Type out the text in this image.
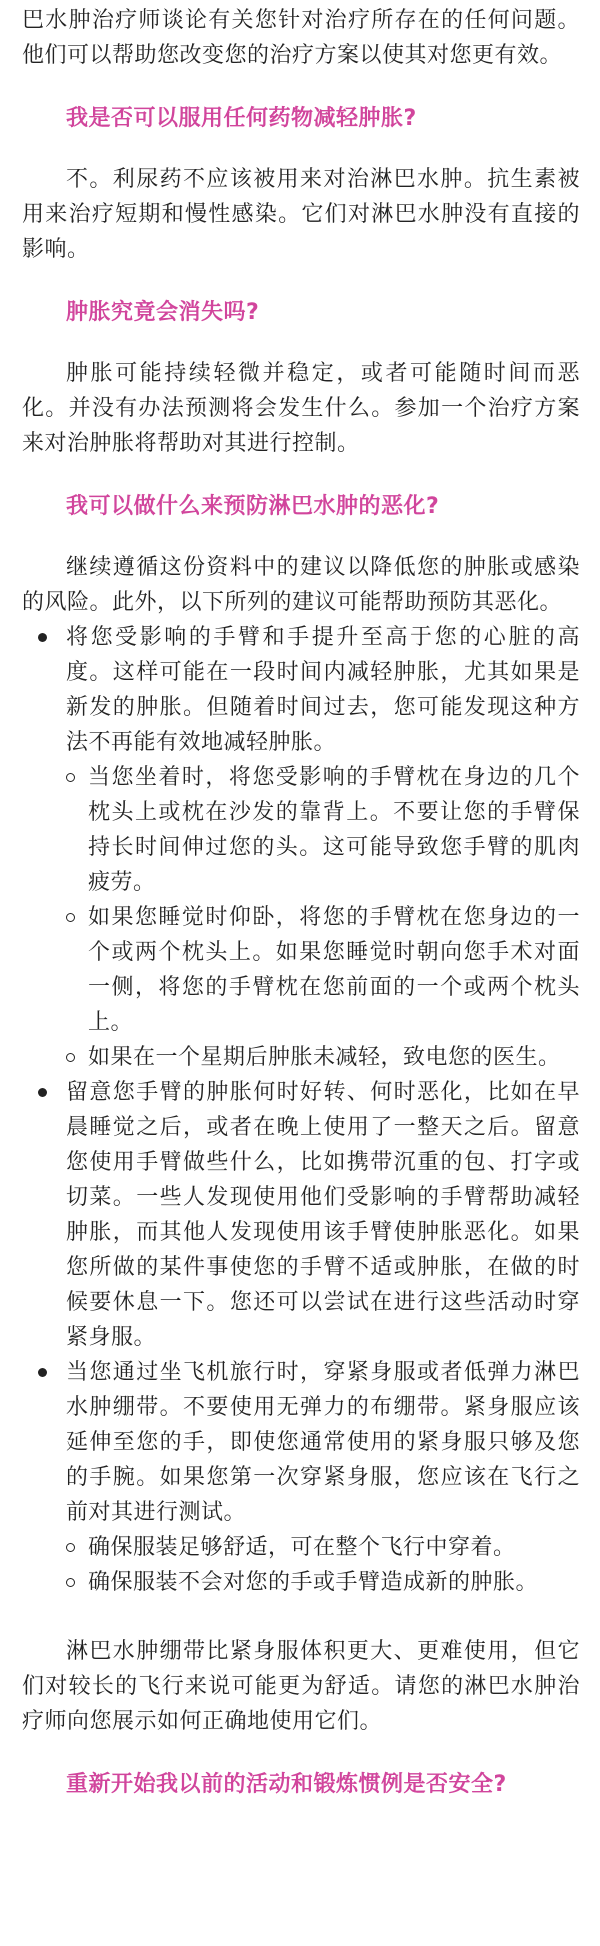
巴水肿治疗师谈论有关您针对治疗所存在的任何问题。他们可以帮助您改变您的治疗方案以使其对您更有效。

我是否可以服用任何药物减轻肿胀?

不。利尿药不应该被用来对治淋巴水肿。抗生素被用来治疗短期和慢性感染。它们对淋巴水肿没有直接的影响。

肿胀究竟会消失吗?

肿胀可能持续轻微并稳定，或者可能随时间而恶化。并没有办法预测将会发生什么。参加一个治疗方案来对治肿胀将帮助对其进行控制。

我可以做什么来预防淋巴水肿的恶化?

继续遵循这份资料中的建议以降低您的肿胀或感染的风险。此外，以下所列的建议可能帮助预防其恶化。

将您受影响的手臂和手提升至高于您的心脏的高度。这样可能在一段时间内减轻肿胀，尤其如果是新发的肿胀。但随着时间过去，您可能发现这种方法不再能有效地减轻肿胀。
当您坐着时，将您受影响的手臂枕在身边的几个枕头上或枕在沙发的靠背上。不要让您的手臂保持长时间伸过您的头。这可能导致您手臂的肌肉疲劳。
如果您睡觉时仰卧，将您的手臂枕在您身边的一个或两个枕头上。如果您睡觉时朝向您手术对面一侧，将您的手臂枕在您前面的一个或两个枕头上。
如果在一个星期后肿胀未减轻，致电您的医生。
留意您手臂的肿胀何时好转、何时恶化，比如在早晨睡觉之后，或者在晚上使用了一整天之后。留意您使用手臂做些什么，比如携带沉重的包、打字或切菜。一些人发现使用他们受影响的手臂帮助减轻肿胀，而其他人发现使用该手臂使肿胀恶化。如果您所做的某件事使您的手臂不适或肿胀，在做的时候要休息一下。您还可以尝试在进行这些活动时穿紧身服。
当您通过坐飞机旅行时，穿紧身服或者低弹力淋巴水肿绷带。不要使用无弹力的布绷带。紧身服应该延伸至您的手，即使您通常使用的紧身服只够及您的手腕。如果您第一次穿紧身服，您应该在飞行之前对其进行测试。
确保服装足够舒适，可在整个飞行中穿着。
确保服装不会对您的手或手臂造成新的肿胀。

淋巴水肿绷带比紧身服体积更大、更难使用，但它们对较长的飞行来说可能更为舒适。请您的淋巴水肿治疗师向您展示如何正确地使用它们。

重新开始我以前的活动和锻炼惯例是否安全?
